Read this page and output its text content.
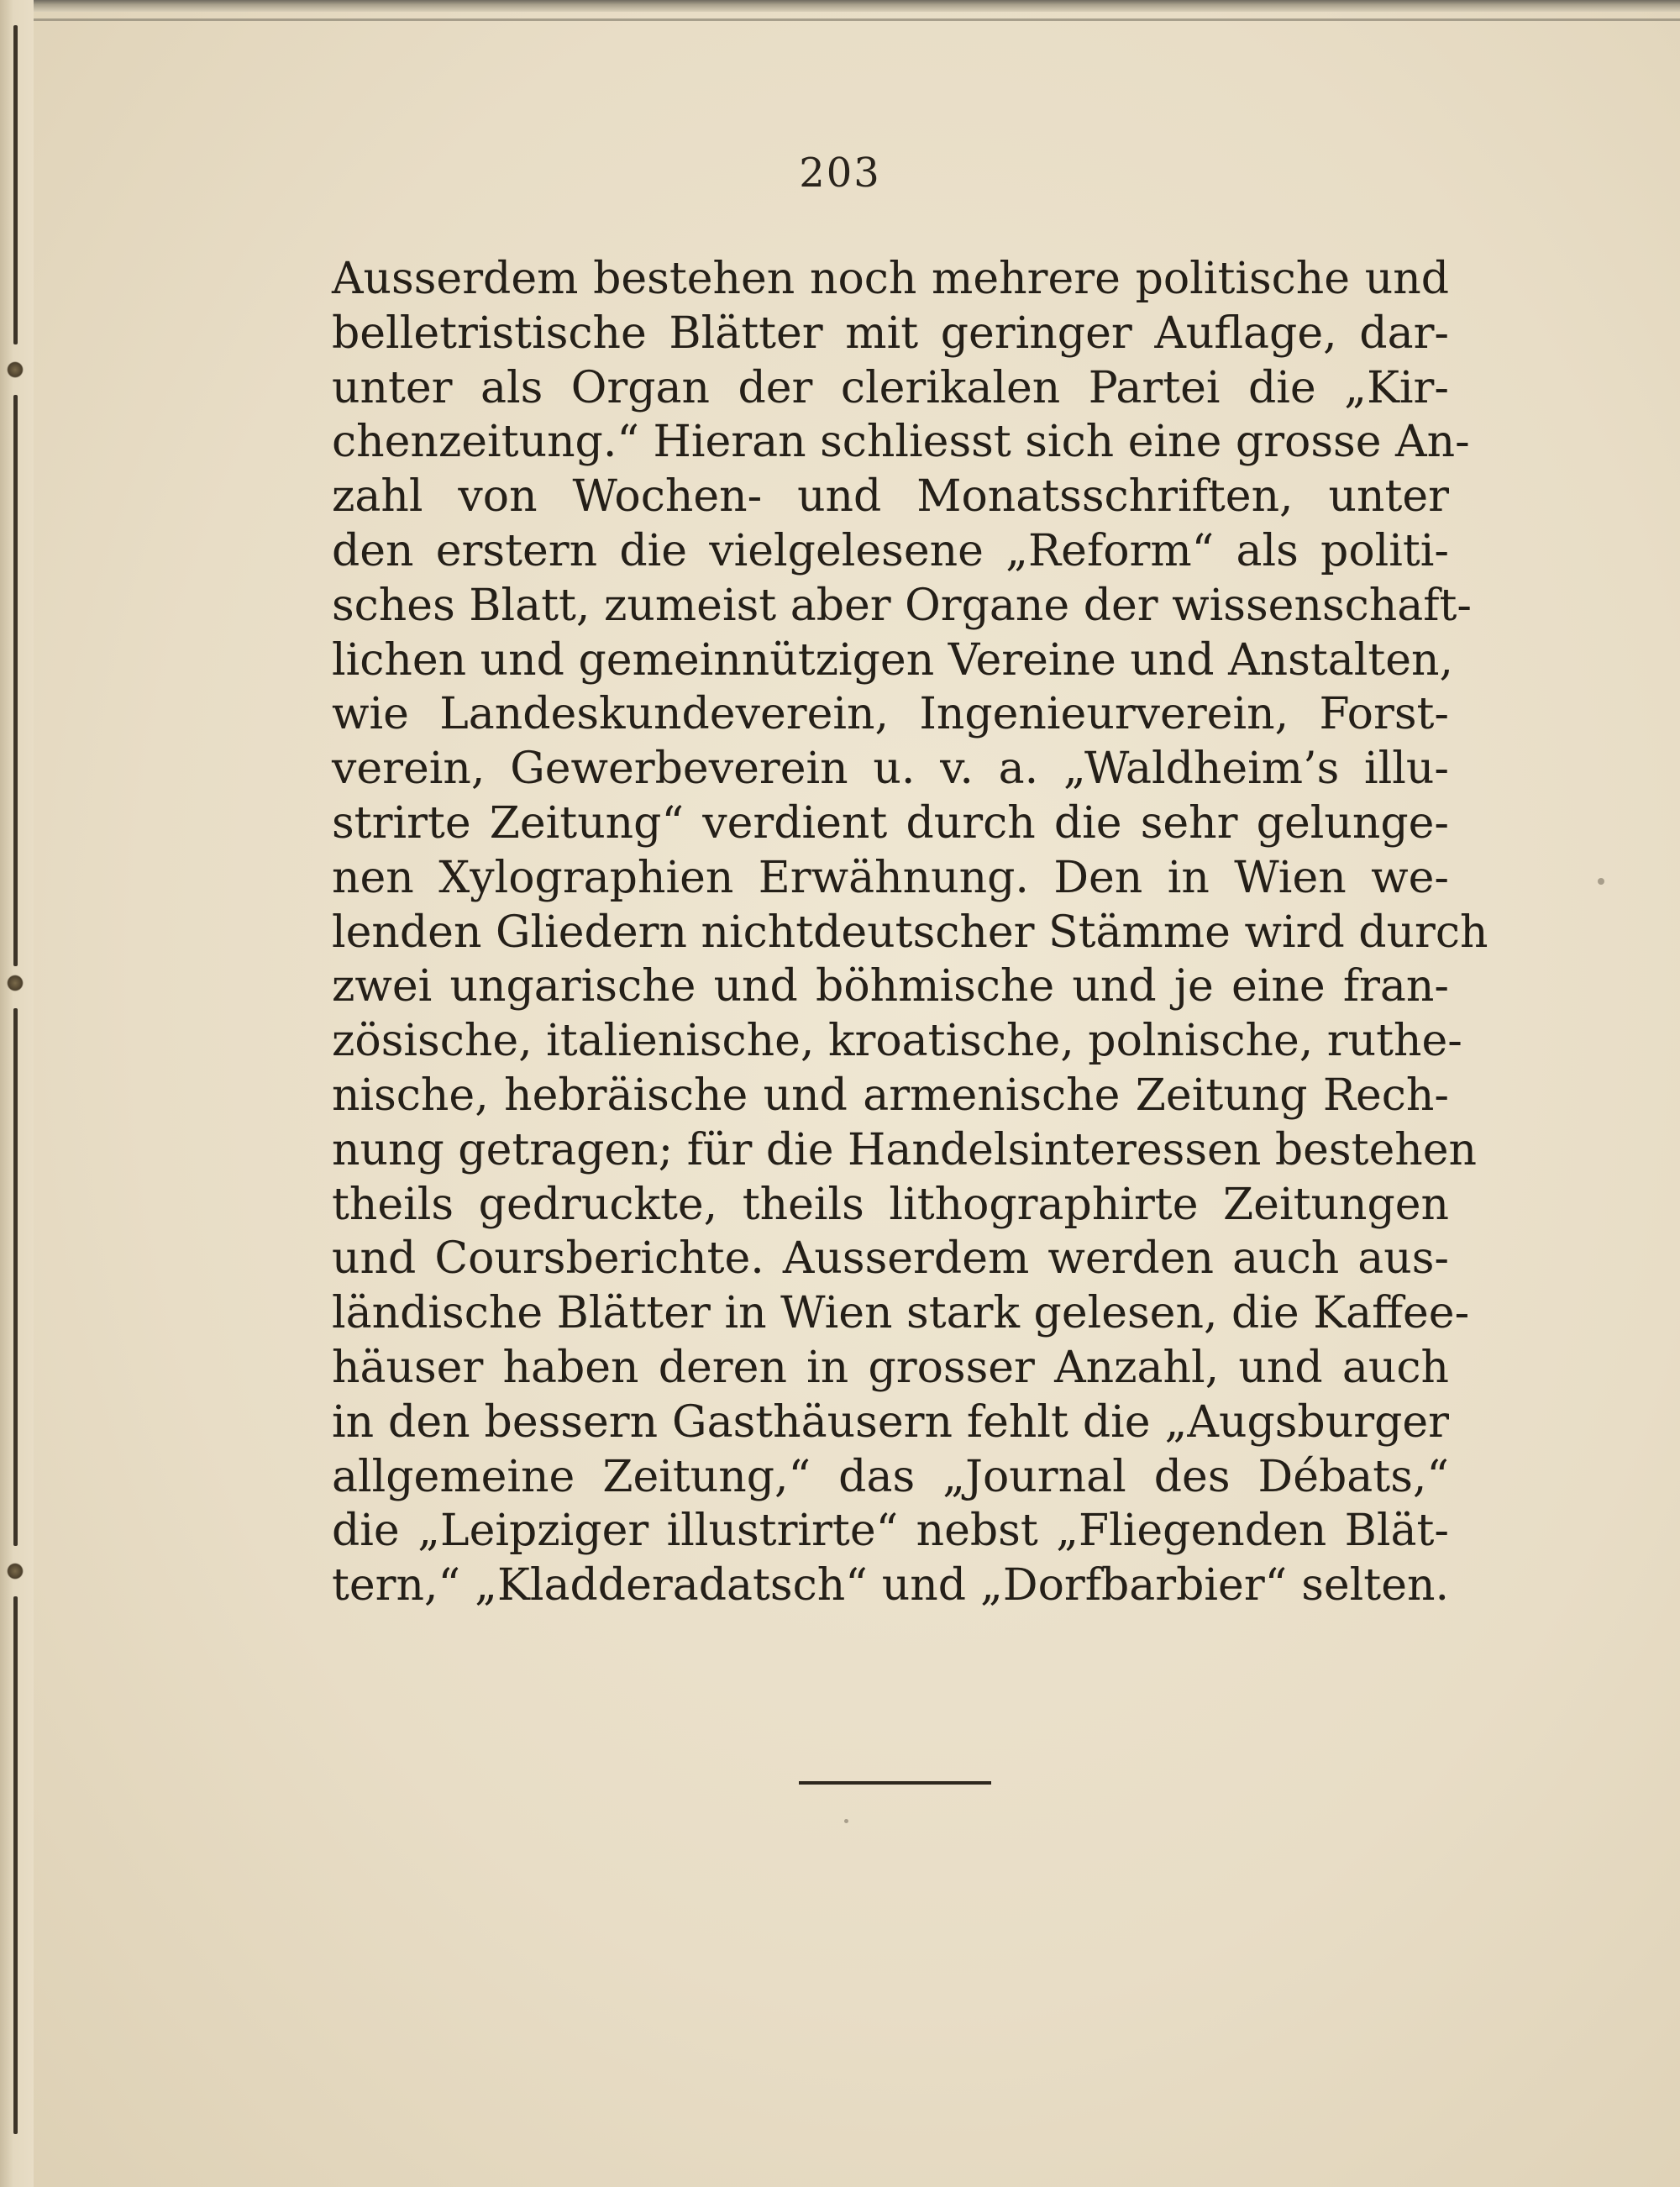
203
Ausserdem bestehen noch mehrere politische und
belletristische Blätter mit geringer Auflage, dar-
unter als Organ der clerikalen Partei die „Kir-
chenzeitung.“ Hieran schliesst sich eine grosse An-
zahl von Wochen- und Monatsschriften, unter
den erstern die vielgelesene „Reform“ als politi-
sches Blatt, zumeist aber Organe der wissenschaft-
lichen und gemeinnützigen Vereine und Anstalten,
wie Landeskundeverein, Ingenieurverein, Forst-
verein, Gewerbeverein u. v. a. „Waldheim’s illu-
strirte Zeitung“ verdient durch die sehr gelunge-
nen Xylographien Erwähnung. Den in Wien we-
lenden Gliedern nichtdeutscher Stämme wird durch
zwei ungarische und böhmische und je eine fran-
zösische, italienische, kroatische, polnische, ruthe-
nische, hebräische und armenische Zeitung Rech-
nung getragen; für die Handelsinteressen bestehen
theils gedruckte, theils lithographirte Zeitungen
und Coursberichte. Ausserdem werden auch aus-
ländische Blätter in Wien stark gelesen, die Kaffee-
häuser haben deren in grosser Anzahl, und auch
in den bessern Gasthäusern fehlt die „Augsburger
allgemeine Zeitung,“ das „Journal des Débats,“
die „Leipziger illustrirte“ nebst „Fliegenden Blät-
tern,“ „Kladderadatsch“ und „Dorfbarbier“ selten.
